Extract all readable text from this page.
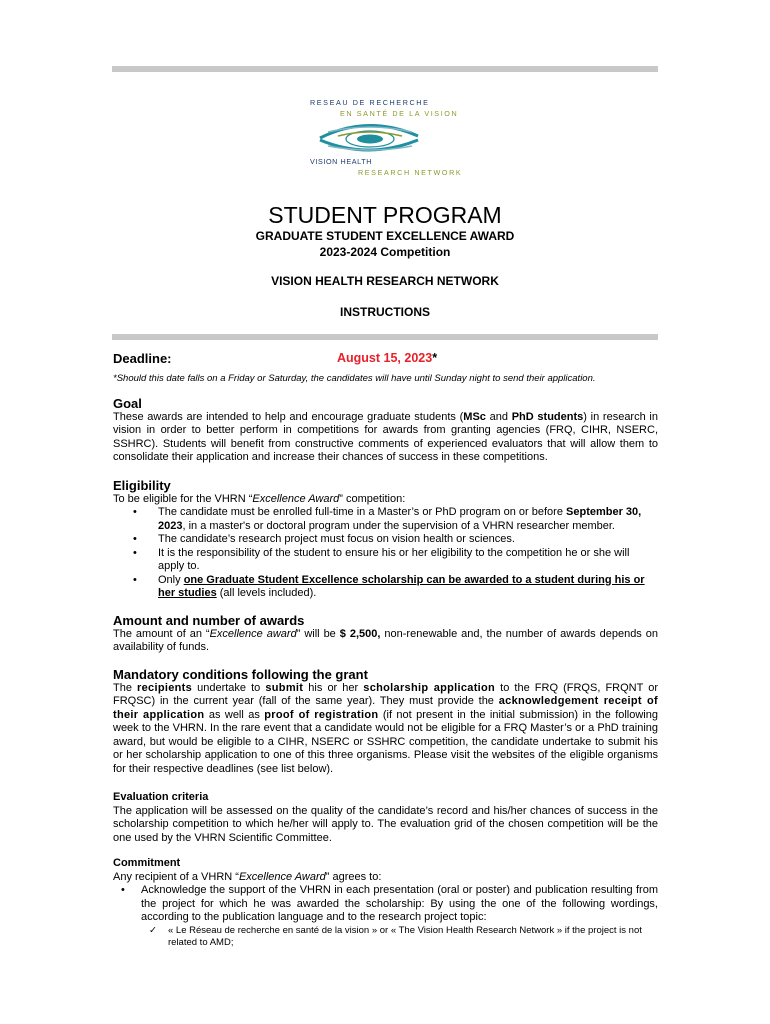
RESEAU DE RECHERCHE
EN SANTÉ DE LA VISION
VISION HEALTH
RESEARCH NETWORK
STUDENT PROGRAM
GRADUATE STUDENT EXCELLENCE AWARD
2023-2024 Competition
VISION HEALTH RESEARCH NETWORK
INSTRUCTIONS
Deadline:	August 15, 2023*
*Should this date falls on a Friday or Saturday, the candidates will have until Sunday night to send their application.
Goal

These awards are intended to help and encourage graduate students (MSc and PhD students) in research in vision in order to better perform in competitions for awards from granting agencies (FRQ, CIHR, NSERC, SSHRC). Students will benefit from constructive comments of experienced evaluators that will allow them to consolidate their application and increase their chances of success in these competitions.

Eligibility

To be eligible for the VHRN “Excellence Award” competition:

• The candidate must be enrolled full-time in a Master’s or PhD program on or before September 30, 2023, in a master's or doctoral program under the supervision of a VHRN researcher member.
• The candidate’s research project must focus on vision health or sciences.
• It is the responsibility of the student to ensure his or her eligibility to the competition he or she will apply to.
• Only one Graduate Student Excellence scholarship can be awarded to a student during his or her studies (all levels included).
Amount and number of awards

The amount of an “Excellence award” will be $ 2,500, non-renewable and, the number of awards depends on availability of funds.

Mandatory conditions following the grant

The recipients undertake to submit his or her scholarship application to the FRQ (FRQS, FRQNT or FRQSC) in the current year (fall of the same year). They must provide the acknowledgement receipt of their application as well as proof of registration (if not present in the initial submission) in the following week to the VHRN. In the rare event that a candidate would not be eligible for a FRQ Master’s or a PhD training award, but would be eligible to a CIHR, NSERC or SSHRC competition, the candidate undertake to submit his or her scholarship application to one of this three organisms. Please visit the websites of the eligible organisms for their respective deadlines (see list below).

Evaluation criteria

The application will be assessed on the quality of the candidate’s record and his/her chances of success in the scholarship competition to which he/her will apply to. The evaluation grid of the chosen competition will be the one used by the VHRN Scientific Committee.

Commitment

Any recipient of a VHRN “Excellence Award” agrees to:

• Acknowledge the support of the VHRN in each presentation (oral or poster) and publication resulting from the project for which he was awarded the scholarship: By using the one of the following wordings, according to the publication language and to the research project topic:
✓ « Le Réseau de recherche en santé de la vision » or « The Vision Health Research Network » if the project is not related to AMD;
